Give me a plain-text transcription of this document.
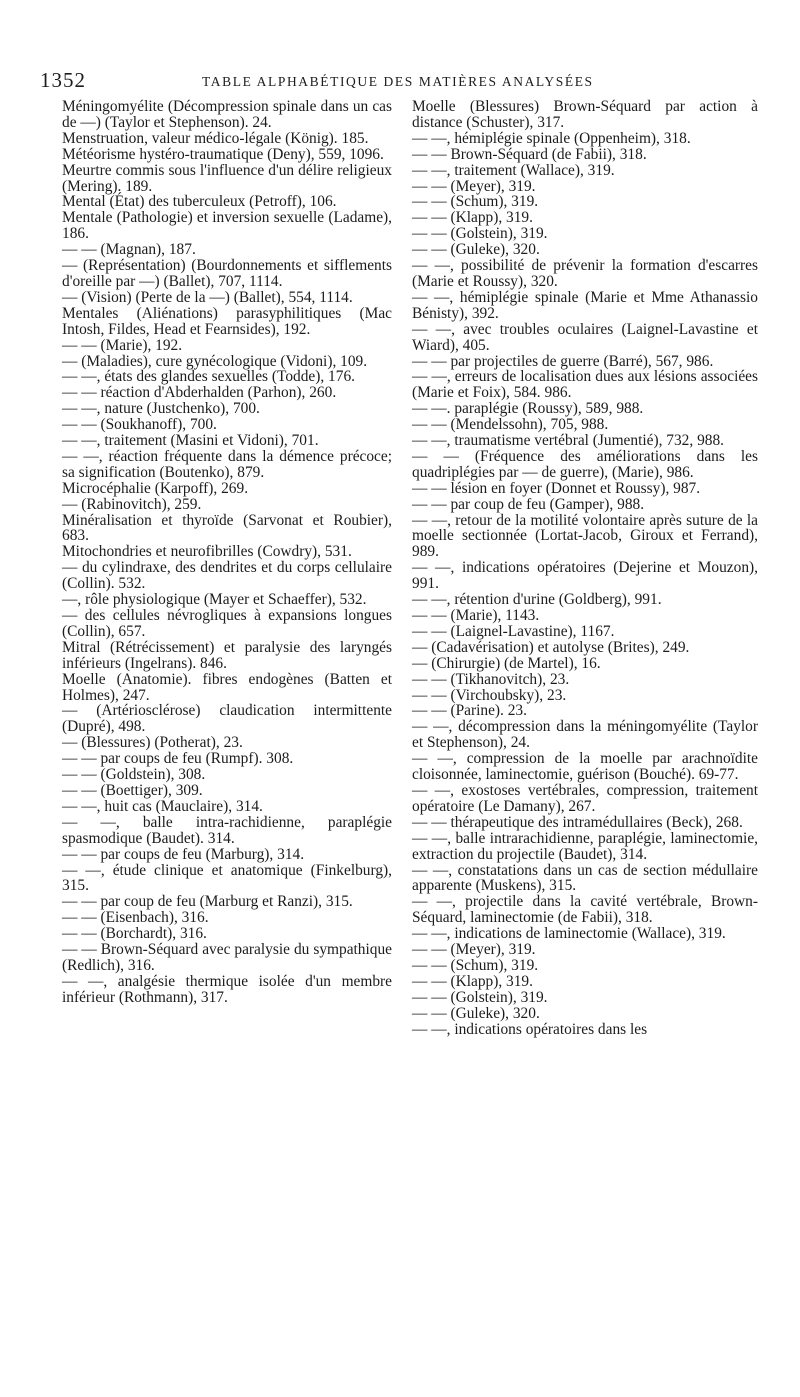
1352	TABLE ALPHABÉTIQUE DES MATIÈRES ANALYSÉES

Méningomyélite (Décompression spinale dans un cas de —) (Taylor et Stephenson). 24.

Menstruation, valeur médico-légale (König). 185.

Météorisme hystéro-traumatique (Deny), 559, 1096.

Meurtre commis sous l'influence d'un délire religieux (Mering). 189.

Mental (État) des tuberculeux (Petroff), 106.

Mentale (Pathologie) et inversion sexuelle (Ladame), 186.

— — (Magnan), 187.

— (Représentation) (Bourdonnements et sifflements d'oreille par —) (Ballet), 707, 1114.

— (Vision) (Perte de la —) (Ballet), 554, 1114.

Mentales (Aliénations) parasyphilitiques (Mac Intosh, Fildes, Head et Fearnsides), 192.

— — (Marie), 192.

— (Maladies), cure gynécologique (Vidoni), 109.

— —, états des glandes sexuelles (Todde), 176.

— — réaction d'Abderhalden (Parhon), 260.

— —, nature (Justchenko), 700.

— — (Soukhanoff), 700.

— —, traitement (Masini et Vidoni), 701.

— —, réaction fréquente dans la démence précoce; sa signification (Boutenko), 879.

Microcéphalie (Karpoff), 269.

— (Rabinovitch), 259.

Minéralisation et thyroïde (Sarvonat et Roubier), 683.

Mitochondries et neurofibrilles (Cowdry), 531.

— du cylindraxe, des dendrites et du corps cellulaire (Collin). 532.

—, rôle physiologique (Mayer et Schaeffer), 532.

— des cellules névrogliques à expansions longues (Collin), 657.

Mitral (Rétrécissement) et paralysie des laryngés inférieurs (Ingelrans). 846.

Moelle (Anatomie). fibres endogènes (Batten et Holmes), 247.

— (Artériosclérose) claudication intermittente (Dupré), 498.

— (Blessures) (Potherat), 23.

— — par coups de feu (Rumpf). 308.

— — (Goldstein), 308.

— — (Boettiger), 309.

— —, huit cas (Mauclaire), 314.

— —, balle intra-rachidienne, paraplégie spasmodique (Baudet). 314.

— — par coups de feu (Marburg), 314.

— —, étude clinique et anatomique (Finkelburg), 315.

— — par coup de feu (Marburg et Ranzi), 315.

— — (Eisenbach), 316.

— — (Borchardt), 316.

— — Brown-Séquard avec paralysie du sympathique (Redlich), 316.

— —, analgésie thermique isolée d'un membre inférieur (Rothmann), 317.

Moelle (Blessures) Brown-Séquard par action à distance (Schuster), 317.

— —, hémiplégie spinale (Oppenheim), 318.

— — Brown-Séquard (de Fabii), 318.

— —, traitement (Wallace), 319.

— — (Meyer), 319.

— — (Schum), 319.

— — (Klapp), 319.

— — (Golstein), 319.

— — (Guleke), 320.

— —, possibilité de prévenir la formation d'escarres (Marie et Roussy), 320.

— —, hémiplégie spinale (Marie et Mme Athanassio Bénisty), 392.

— —, avec troubles oculaires (Laignel-Lavastine et Wiard), 405.

— — par projectiles de guerre (Barré), 567, 986.

— —, erreurs de localisation dues aux lésions associées (Marie et Foix), 584. 986.

— —. paraplégie (Roussy), 589, 988.

— — (Mendelssohn), 705, 988.

— —, traumatisme vertébral (Jumentié), 732, 988.

— — (Fréquence des améliorations dans les quadriplégies par — de guerre), (Marie), 986.

— — lésion en foyer (Donnet et Roussy), 987.

— — par coup de feu (Gamper), 988.

— —, retour de la motilité volontaire après suture de la moelle sectionnée (Lortat-Jacob, Giroux et Ferrand), 989.

— —, indications opératoires (Dejerine et Mouzon), 991.

— —, rétention d'urine (Goldberg), 991.

— — (Marie), 1143.

— — (Laignel-Lavastine), 1167.

— (Cadavérisation) et autolyse (Brites), 249.

— (Chirurgie) (de Martel), 16.

— — (Tikhanovitch), 23.

— — (Virchoubsky), 23.

— — (Parine). 23.

— —, décompression dans la méningomyélite (Taylor et Stephenson), 24.

— —, compression de la moelle par arachnoïdite cloisonnée, laminectomie, guérison (Bouché). 69-77.

— —, exostoses vertébrales, compression, traitement opératoire (Le Damany), 267.

— — thérapeutique des intramédullaires (Beck), 268.

— —, balle intrarachidienne, paraplégie, laminectomie, extraction du projectile (Baudet), 314.

— —, constatations dans un cas de section médullaire apparente (Muskens), 315.

— —, projectile dans la cavité vertébrale, Brown-Séquard, laminectomie (de Fabii), 318.

— —, indications de laminectomie (Wallace), 319.

— — (Meyer), 319.

— — (Schum), 319.

— — (Klapp), 319.

— — (Golstein), 319.

— — (Guleke), 320.

— —, indications opératoires dans les
